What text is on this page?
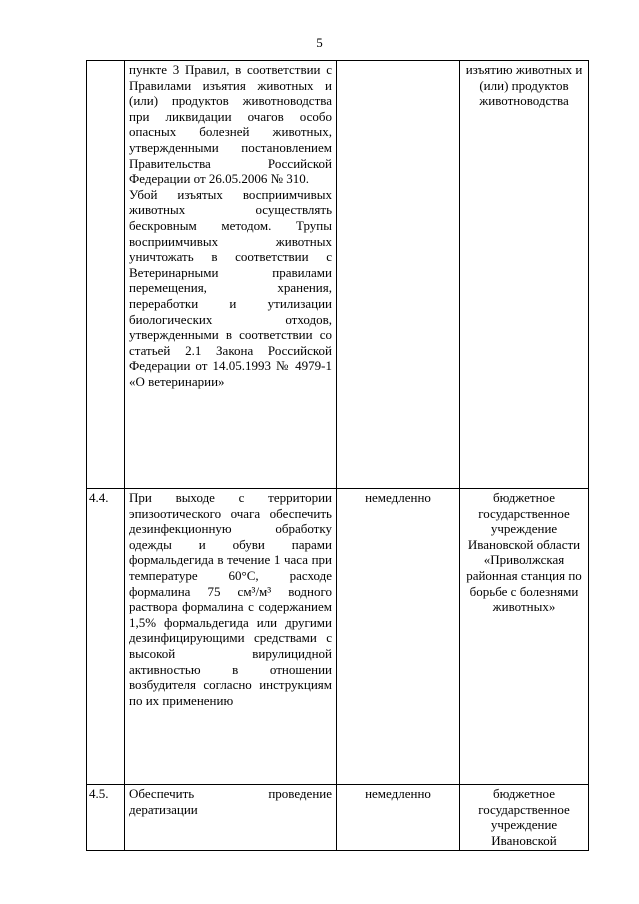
5

	пункте 3 Правил, в соответствии с Правилами изъятия животных и (или) продуктов животноводства при ликвидации очагов особо опасных болезней животных, утвержденными постановлением Правительства Российской Федерации от 26.05.2006 № 310.

Убой изъятых восприимчивых животных осуществлять бескровным методом. Трупы восприимчивых животных уничтожать в соответствии с Ветеринарными правилами перемещения, хранения, переработки и утилизации биологических отходов, утвержденными в соответствии со статьей 2.1 Закона Российской Федерации от 14.05.1993 № 4979-1 «О ветеринарии»		изъятию животных и (или) продуктов животноводства
4.4.	При выходе с территории эпизоотического очага обеспечить дезинфекционную обработку одежды и обуви парами формальдегида в течение 1 часа при температуре 60°C, расходе формалина 75 см³/м³ водного раствора формалина с содержанием 1,5% формальдегида или другими дезинфицирующими средствами с высокой вирулицидной активностью в отношении возбудителя согласно инструкциям по их применению	немедленно	бюджетное государственное учреждение Ивановской области «Приволжская районная станция по борьбе с болезнями животных»
4.5.	Обеспечить проведение дератизации	немедленно	бюджетное государственное учреждение Ивановской
